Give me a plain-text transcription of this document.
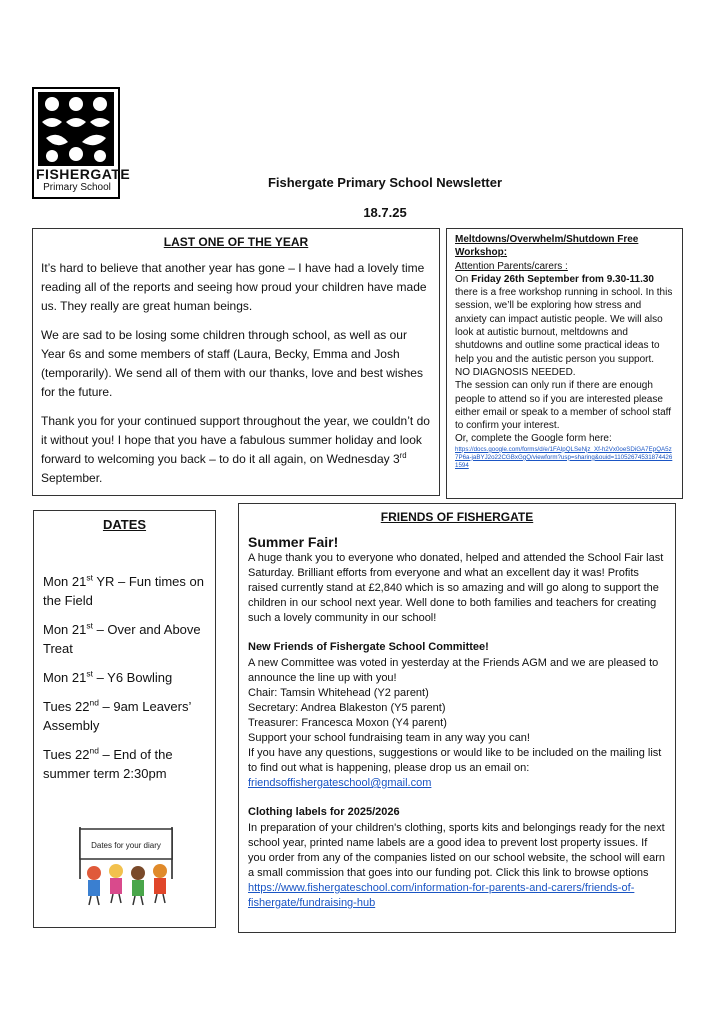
FISHERGATE
Primary School	Fishergate Primary School Newsletter
18.7.25
LAST ONE OF THE YEAR

It’s hard to believe that another year has gone – I have had a lovely time reading all of the reports and seeing how proud your children have made us. They really are great human beings.

We are sad to be losing some children through school, as well as our Year 6s and some members of staff (Laura, Becky, Emma and Josh (temporarily). We send all of them with our thanks, love and best wishes for the future.

Thank you for your continued support throughout the year, we couldn’t do it without you! I hope that you have a fabulous summer holiday and look forward to welcoming you back – to do it all again, on Wednesday 3rd September.

Meltdowns/Overwhelm/Shutdown Free Workshop:
Attention Parents/carers :
On Friday 26th September from 9.30-11.30 there is a free workshop running in school. In this session, we’ll be exploring how stress and anxiety can impact autistic people. We will also look at autistic burnout, meltdowns and shutdowns and outline some practical ideas to help you and the autistic person you support.
NO DIAGNOSIS NEEDED.
The session can only run if there are enough people to attend so if you are interested please either email or speak to a member of school staff to confirm your interest.
Or, complete the Google form here:
https://docs.google.com/forms/d/e/1FAIpQLSeNjz_Xf-h2Vx0oeSDiGA7EpQA5z7P6a-jaBYJ2o22CGBxGgQ/viewform?usp=sharing&ouid=110526745318744261594
DATES
Mon 21st YR – Fun times on the Field
Mon 21st – Over and Above Treat
Mon 21st – Y6 Bowling
Tues 22nd – 9am Leavers’ Assembly
Tues 22nd – End of the summer term 2:30pm
Dates for your diary
FRIENDS OF FISHERGATE
Summer Fair!

A huge thank you to everyone who donated, helped and attended the School Fair last Saturday. Brilliant efforts from everyone and what an excellent day it was! Profits raised currently stand at £2,840 which is so amazing and will go along to support the children in our school next year. Well done to both families and teachers for creating such a lovely community in our school!

New Friends of Fishergate School Committee!

A new Committee was voted in yesterday at the Friends AGM and we are pleased to announce the line up with you!

Chair: Tamsin Whitehead (Y2 parent)

Secretary: Andrea Blakeston (Y5 parent)

Treasurer: Francesca Moxon (Y4 parent)

Support your school fundraising team in any way you can!

If you have any questions, suggestions or would like to be included on the mailing list to find out what is happening, please drop us an email on: friendsoffishergateschool@gmail.com

Clothing labels for 2025/2026

In preparation of your children's clothing, sports kits and belongings ready for the next school year, printed name labels are a good idea to prevent lost property issues. If you order from any of the companies listed on our school website, the school will earn a small commission that goes into our funding pot. Click this link to browse options https://www.fishergateschool.com/information-for-parents-and-carers/friends-of-fishergate/fundraising-hub
